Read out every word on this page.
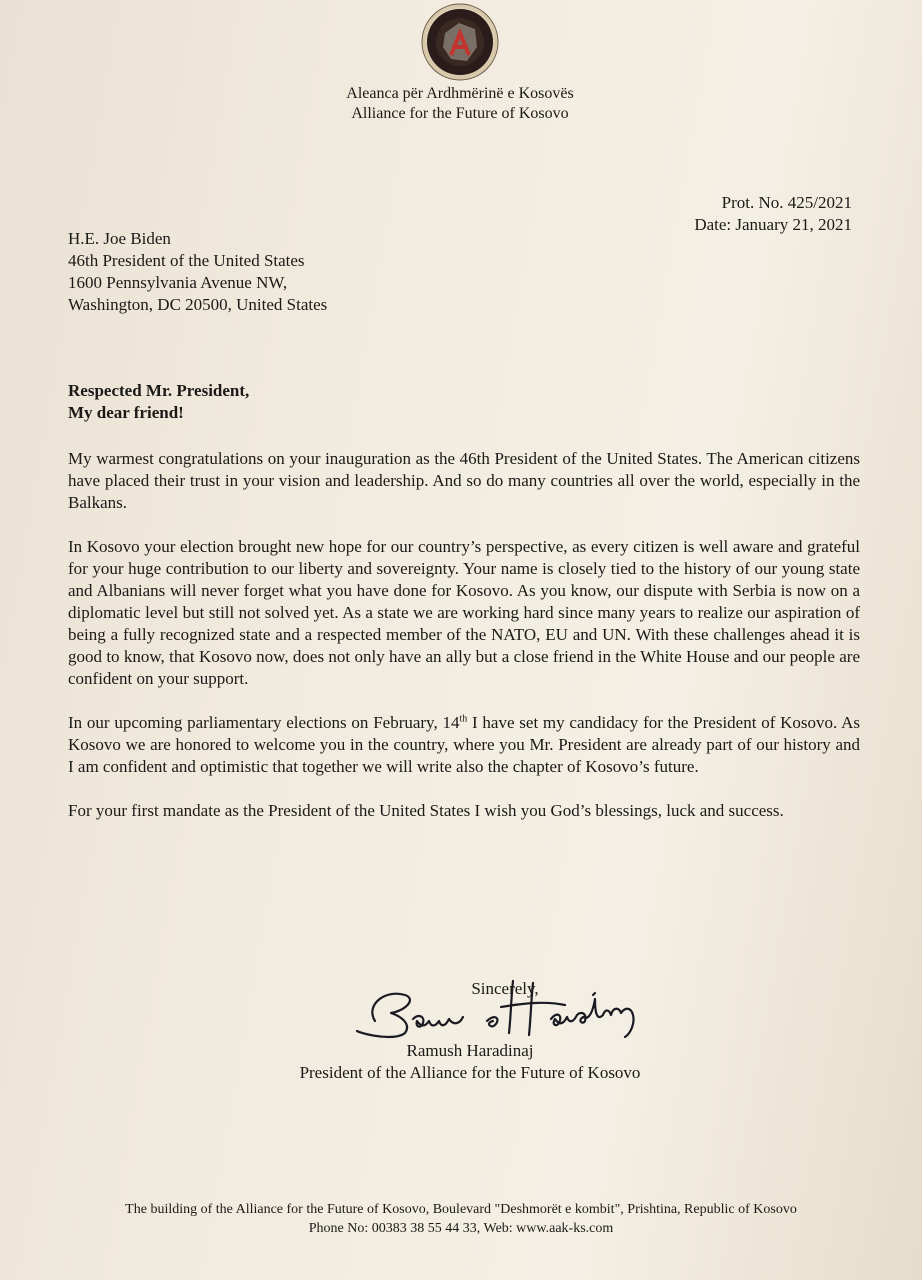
Aleanca për Ardhmërinë e Kosovës
Alliance for the Future of Kosovo
Prot. No. 425/2021
Date: January 21, 2021
H.E. Joe Biden
46th President of the United States
1600 Pennsylvania Avenue NW,
Washington, DC 20500, United States
Respected Mr. President,
My dear friend!

My warmest congratulations on your inauguration as the 46th President of the United States. The American citizens have placed their trust in your vision and leadership. And so do many countries all over the world, especially in the Balkans.

In Kosovo your election brought new hope for our country’s perspective, as every citizen is well aware and grateful for your huge contribution to our liberty and sovereignty. Your name is closely tied to the history of our young state and Albanians will never forget what you have done for Kosovo. As you know, our dispute with Serbia is now on a diplomatic level but still not solved yet. As a state we are working hard since many years to realize our aspiration of being a fully recognized state and a respected member of the NATO, EU and UN. With these challenges ahead it is good to know, that Kosovo now, does not only have an ally but a close friend in the White House and our people are confident on your support.

In our upcoming parliamentary elections on February, 14th I have set my candidacy for the President of Kosovo. As Kosovo we are honored to welcome you in the country, where you Mr. President are already part of our history and I am confident and optimistic that together we will write also the chapter of Kosovo’s future.

For your first mandate as the President of the United States I wish you God’s blessings, luck and success.

Sincerely,
Ramush Haradinaj
President of the Alliance for the Future of Kosovo
The building of the Alliance for the Future of Kosovo, Boulevard "Deshmorët e kombit", Prishtina, Republic of Kosovo
Phone No: 00383 38 55 44 33, Web: www.aak-ks.com
